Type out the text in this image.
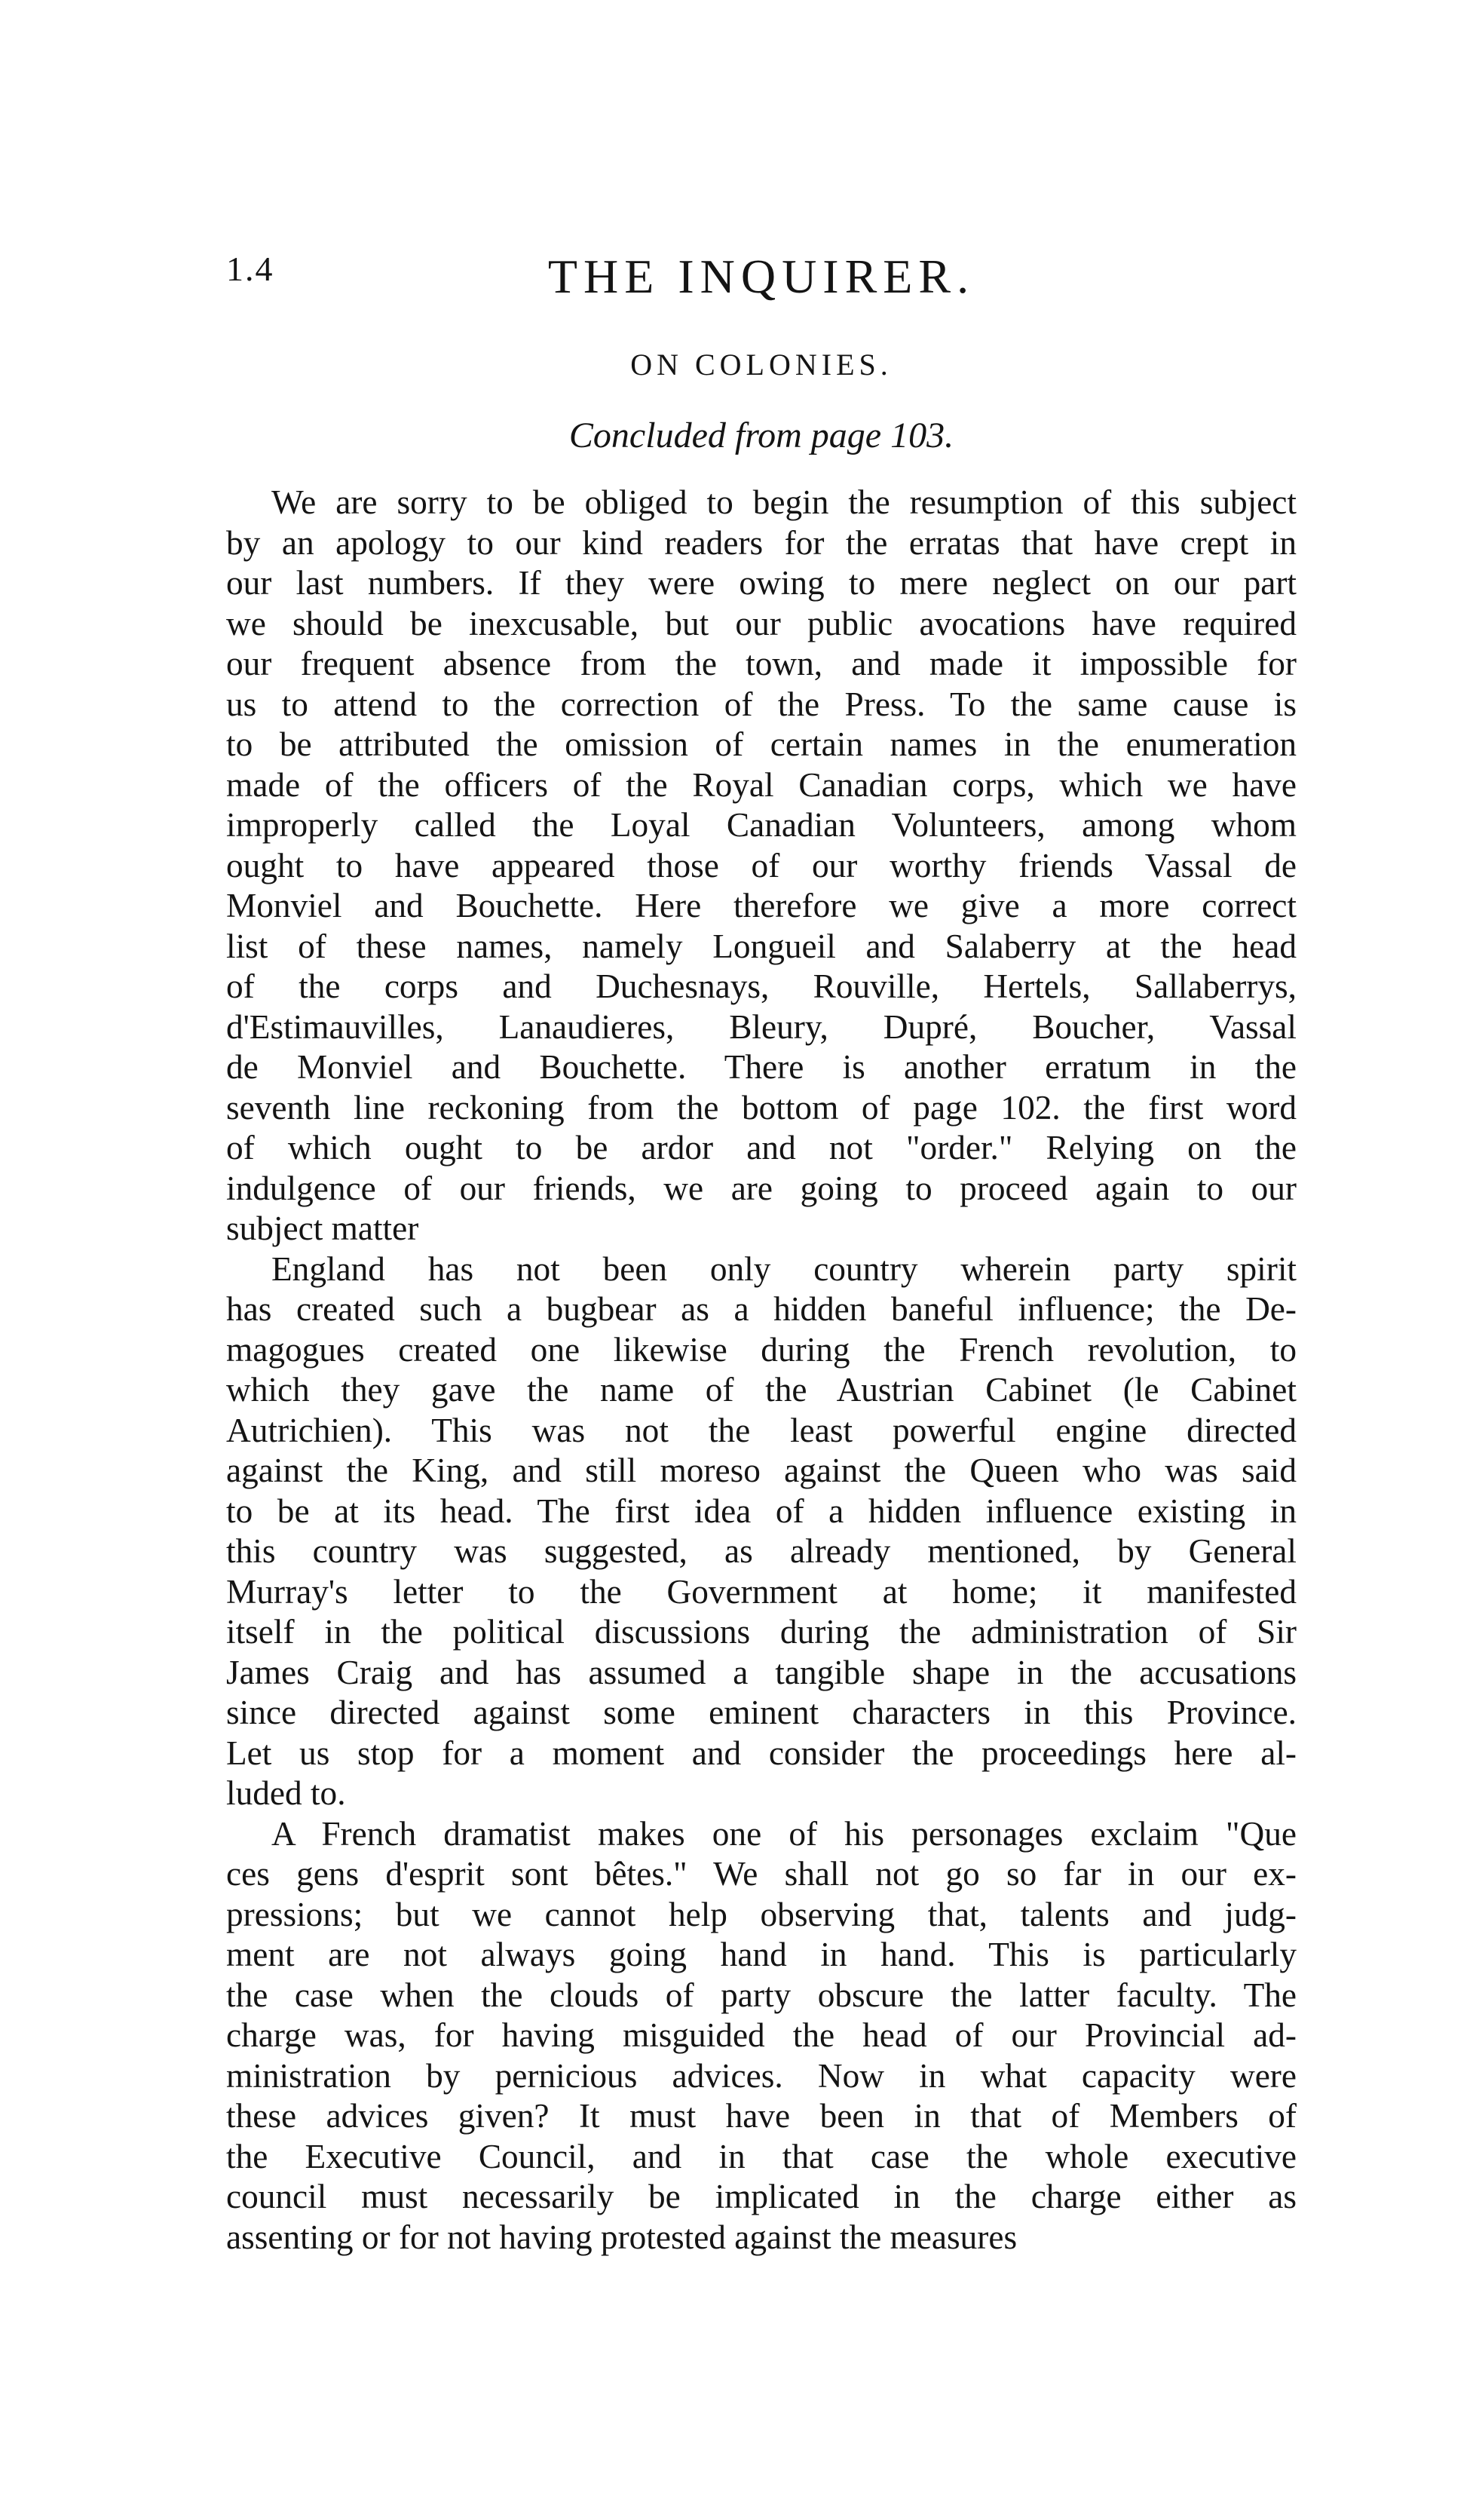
1.4	THE INQUIRER.
ON COLONIES.
Concluded from page 103.
We are sorry to be obliged to begin the resumption of this subject
by an apology to our kind readers for the erratas that have crept in
our last numbers. If they were owing to mere neglect on our part
we should be inexcusable, but our public avocations have required
our frequent absence from the town, and made it impossible for
us to attend to the correction of the Press. To the same cause is
to be attributed the omission of certain names in the enumeration
made of the officers of the Royal Canadian corps, which we have
improperly called the Loyal Canadian Volunteers, among whom
ought to have appeared those of our worthy friends Vassal de
Monviel and Bouchette. Here therefore we give a more correct
list of these names, namely Longueil and Salaberry at the head
of the corps and Duchesnays, Rouville, Hertels, Sallaberrys,
d'Estimauvilles, Lanaudieres, Bleury, Dupré, Boucher, Vassal
de Monviel and Bouchette. There is another erratum in the
seventh line reckoning from the bottom of page 102. the first word
of which ought to be ardor and not "order." Relying on the
indulgence of our friends, we are going to proceed again to our
subject matter
England has not been only country wherein party spirit
has created such a bugbear as a hidden baneful influence; the De-
magogues created one likewise during the French revolution, to
which they gave the name of the Austrian Cabinet (le Cabinet
Autrichien). This was not the least powerful engine directed
against the King, and still moreso against the Queen who was said
to be at its head. The first idea of a hidden influence existing in
this country was suggested, as already mentioned, by General
Murray's letter to the Government at home; it manifested
itself in the political discussions during the administration of Sir
James Craig and has assumed a tangible shape in the accusations
since directed against some eminent characters in this Province.
Let us stop for a moment and consider the proceedings here al-
luded to.
A French dramatist makes one of his personages exclaim "Que
ces gens d'esprit sont bêtes." We shall not go so far in our ex-
pressions; but we cannot help observing that, talents and judg-
ment are not always going hand in hand. This is particularly
the case when the clouds of party obscure the latter faculty. The
charge was, for having misguided the head of our Provincial ad-
ministration by pernicious advices. Now in what capacity were
these advices given? It must have been in that of Members of
the Executive Council, and in that case the whole executive
council must necessarily be implicated in the charge either as
assenting or for not having protested against the measures
